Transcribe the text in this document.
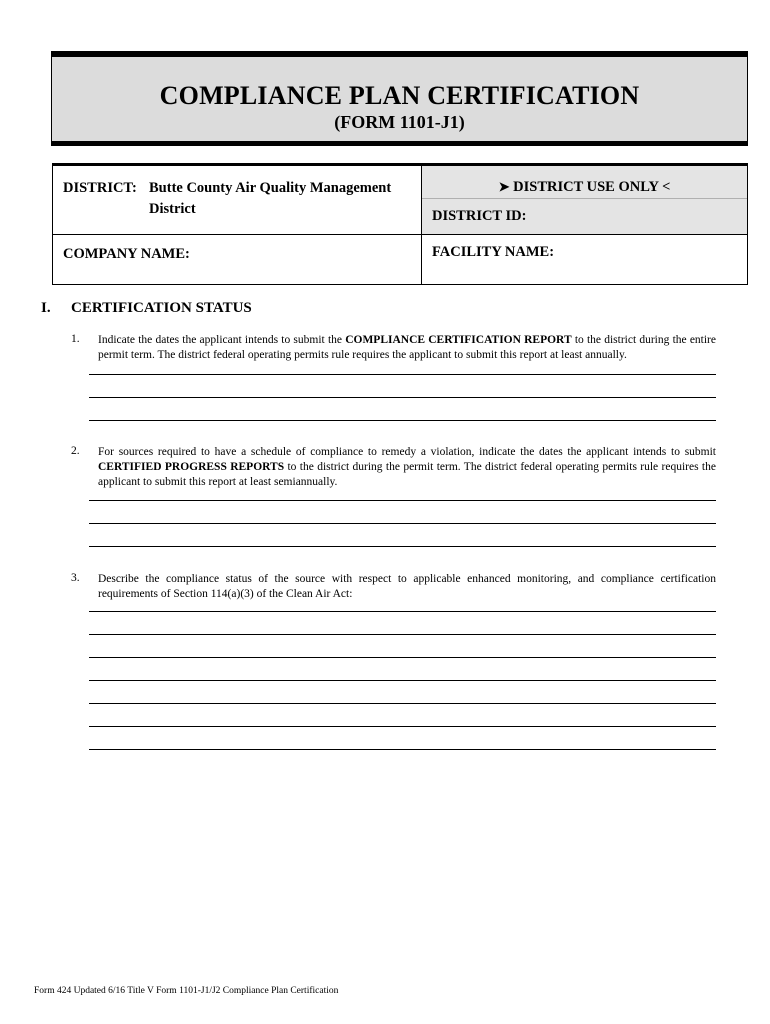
COMPLIANCE PLAN CERTIFICATION
(FORM 1101-J1)
DISTRICT: Butte County Air Quality Management
District
➤ DISTRICT USE ONLY <
DISTRICT ID:
COMPANY NAME:	FACILITY NAME:
I. CERTIFICATION STATUS
1. Indicate the dates the applicant intends to submit the COMPLIANCE CERTIFICATION REPORT to the district during the entire permit term. The district federal operating permits rule requires the applicant to submit this report at least annually.
2. For sources required to have a schedule of compliance to remedy a violation, indicate the dates the applicant intends to submit CERTIFIED PROGRESS REPORTS to the district during the permit term. The district federal operating permits rule requires the applicant to submit this report at least semiannually.
3. Describe the compliance status of the source with respect to applicable enhanced monitoring, and compliance certification requirements of Section 114(a)(3) of the Clean Air Act:
Form 424 Updated 6/16 Title V Form 1101-J1/J2 Compliance Plan Certification
